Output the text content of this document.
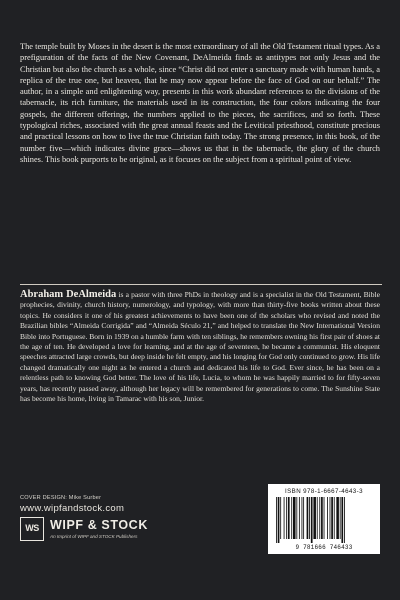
The temple built by Moses in the desert is the most extraordinary of all the Old Testament ritual types. As a prefiguration of the facts of the New Covenant, DeAlmeida finds as antitypes not only Jesus and the Christian but also the church as a whole, since “Christ did not enter a sanctuary made with human hands, a replica of the true one, but heaven, that he may now appear before the face of God on our behalf.” The author, in a simple and enlightening way, presents in this work abundant references to the divisions of the tabernacle, its rich furniture, the materials used in its construction, the four colors indicating the four gospels, the different offerings, the numbers applied to the pieces, the sacrifices, and so forth. These typological riches, associated with the great annual feasts and the Levitical priesthood, constitute precious and practical lessons on how to live the true Christian faith today. The strong presence, in this book, of the number five—which indicates divine grace—shows us that in the tabernacle, the glory of the church shines. This book purports to be original, as it focuses on the subject from a spiritual point of view.

Abraham DeAlmeida is a pastor with three PhDs in theology and is a specialist in the Old Testament, Bible prophecies, divinity, church history, numerology, and typology, with more than thirty-five books written about these topics. He considers it one of his greatest achievements to have been one of the scholars who revised and noted the Brazilian bibles “Almeida Corrigida” and “Almeida Século 21,” and helped to translate the New International Version Bible into Portuguese. Born in 1939 on a humble farm with ten siblings, he remembers owning his first pair of shoes at the age of ten. He developed a love for learning, and at the age of seventeen, he became a communist. His eloquent speeches attracted large crowds, but deep inside he felt empty, and his longing for God only continued to grow. His life changed dramatically one night as he entered a church and dedicated his life to God. Ever since, he has been on a relentless path to knowing God better. The love of his life, Lucia, to whom he was happily married to for fifty-seven years, has recently passed away, although her legacy will be remembered for generations to come. The Sunshine State has become his home, living in Tamarac with his son, Junior.

COVER DESIGN: Mike Surber
www.wipfandstock.com
WS WIPF & STOCK
An Imprint of WIPF and STOCK Publishers
ISBN 978-1-6667-4643-3
9 781666 746433
